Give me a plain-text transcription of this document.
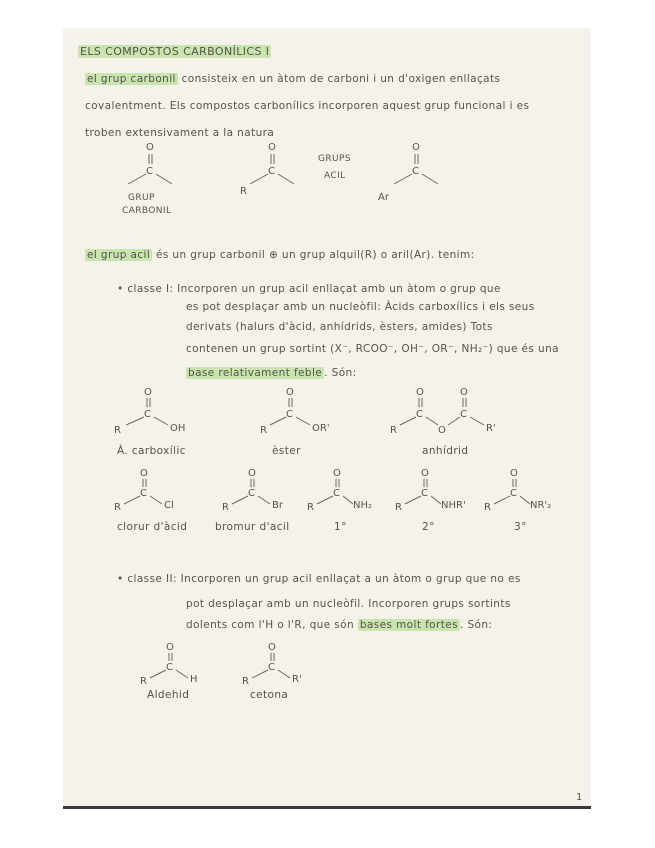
ELS COMPOSTOS CARBONÍLICS I
el grup carbonil consisteix en un àtom de carboni i un d'oxigen enllaçats
covalentment. Els compostos carbonílics incorporen aquest grup funcional i es
troben extensivament a la natura
O
C
GRUP
CARBONIL
O
C
R
GRUPS
ACIL
O
C
Ar
el grup acil és un grup carbonil ⊕ un grup alquil(R) o aril(Ar). tenim:
• classe I: Incorporen un grup acil enllaçat amb un àtom o grup que
es pot desplaçar amb un nucleòfil: Àcids carboxílics i els seus
derivats (halurs d'àcid, anhídrids, èsters, amides) Tots
contenen un grup sortint (X⁻, RCOO⁻, OH⁻, OR⁻, NH₂⁻) que és una
base relativament feble . Són:
O
C
R	OH
À. carboxílic
O
C
R	OR'
èster
O
C
R	O
O
C
R'
anhídrid
O
C
R	Cl
clorur d'àcid
O
C
R	Br
bromur d'acil
O
C
R	NH₂
1°
O
C
R	NHR'
2°
O
C
R	NR'₂
3°
• classe II: Incorporen un grup acil enllaçat a un àtom o grup que no es
pot desplaçar amb un nucleòfil. Incorporen grups sortints
dolents com l'H o l'R, que són bases molt fortes . Són:
O
C
R	H
Aldehid
O
C
R	R'
cetona
1
